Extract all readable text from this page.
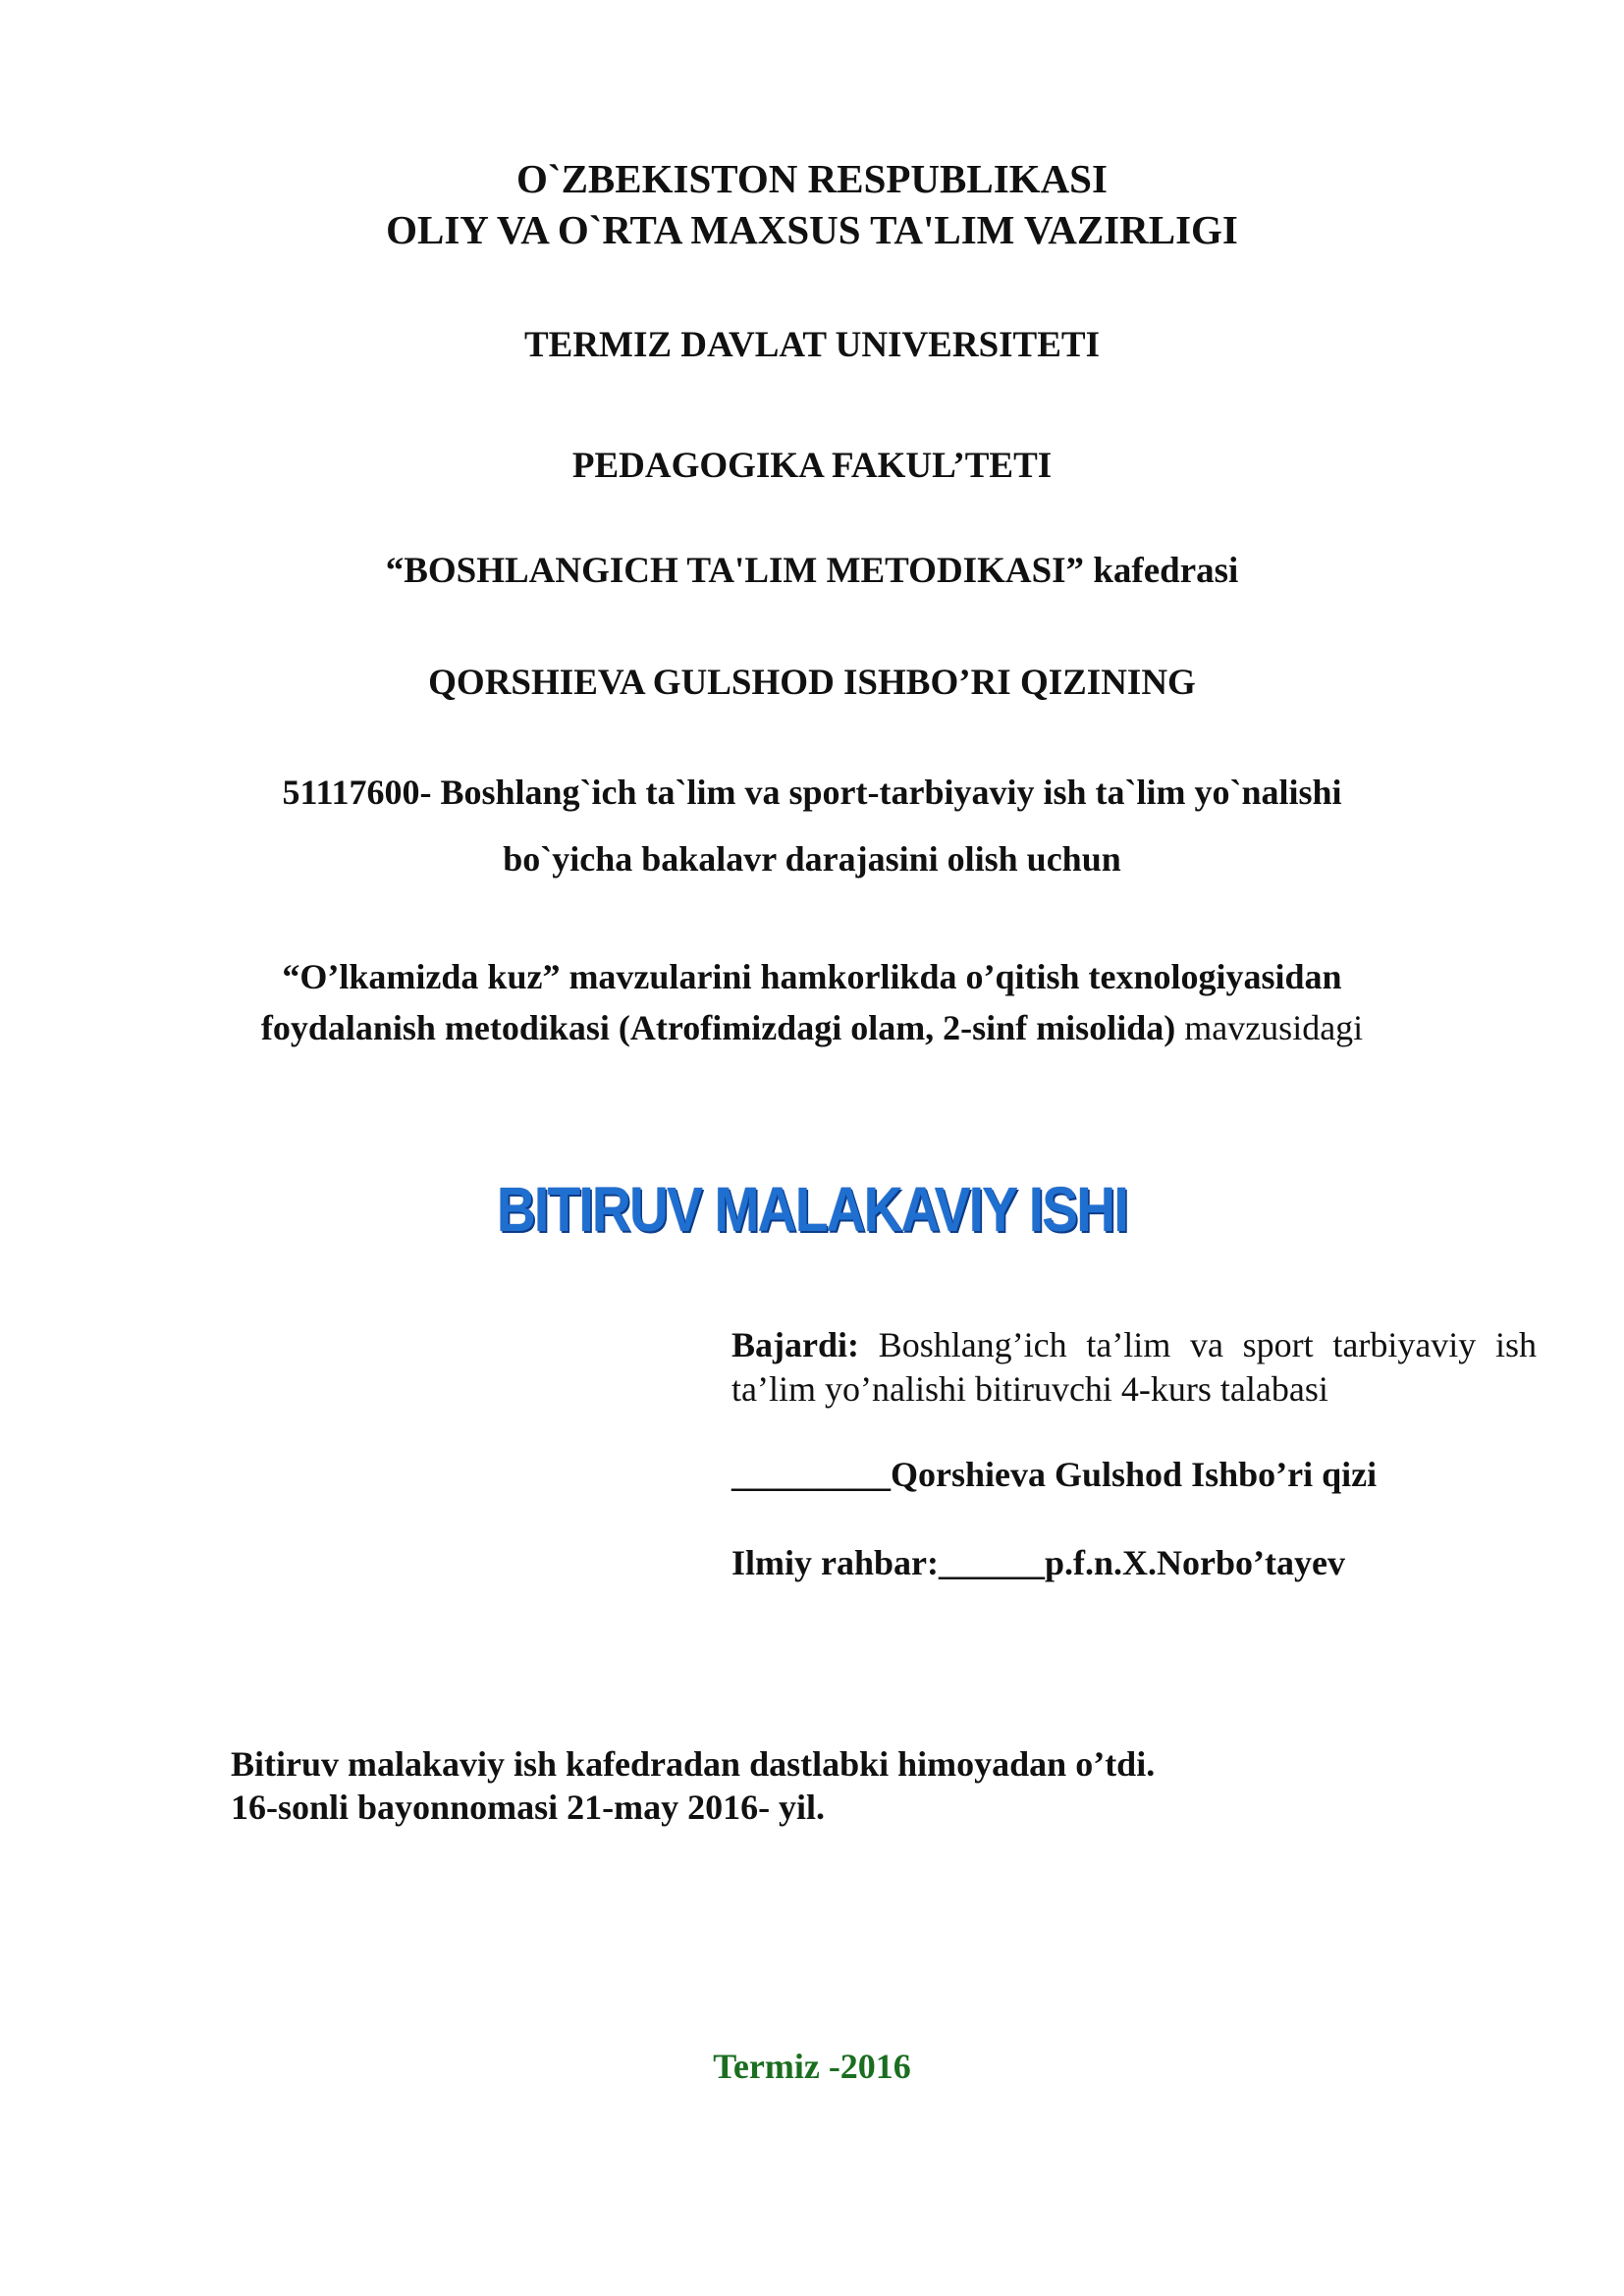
O`ZBEKISTON RESPUBLIKASI
OLIY VA O`RTA MAXSUS TA'LIM VAZIRLIGI
TERMIZ DAVLAT UNIVERSITETI
PEDAGOGIKA FAKUL’TETI
“BOSHLANGICH TA'LIM METODIKASI” kafedrasi
QORSHIEVA GULSHOD ISHBO’RI QIZINING
51117600- Boshlang`ich ta`lim va sport-tarbiyaviy ish ta`lim yo`nalishi
bo`yicha bakalavr darajasini olish uchun
“O’lkamizda kuz” mavzularini hamkorlikda o’qitish texnologiyasidan
foydalanish metodikasi (Atrofimizdagi olam, 2-sinf misolida) mavzusidagi
BITIRUV MALAKAVIY ISHI
Bajardi: Boshlang’ich ta’lim va sport tarbiyaviy ish ta’lim yo’nalishi bitiruvchi 4-kurs talabasi
_________Qorshieva Gulshod Ishbo’ri qizi
Ilmiy rahbar:______p.f.n.X.Norbo’tayev
Bitiruv malakaviy ish kafedradan dastlabki himoyadan o’tdi.
16-sonli bayonnomasi 21-may 2016- yil.
Termiz -2016
